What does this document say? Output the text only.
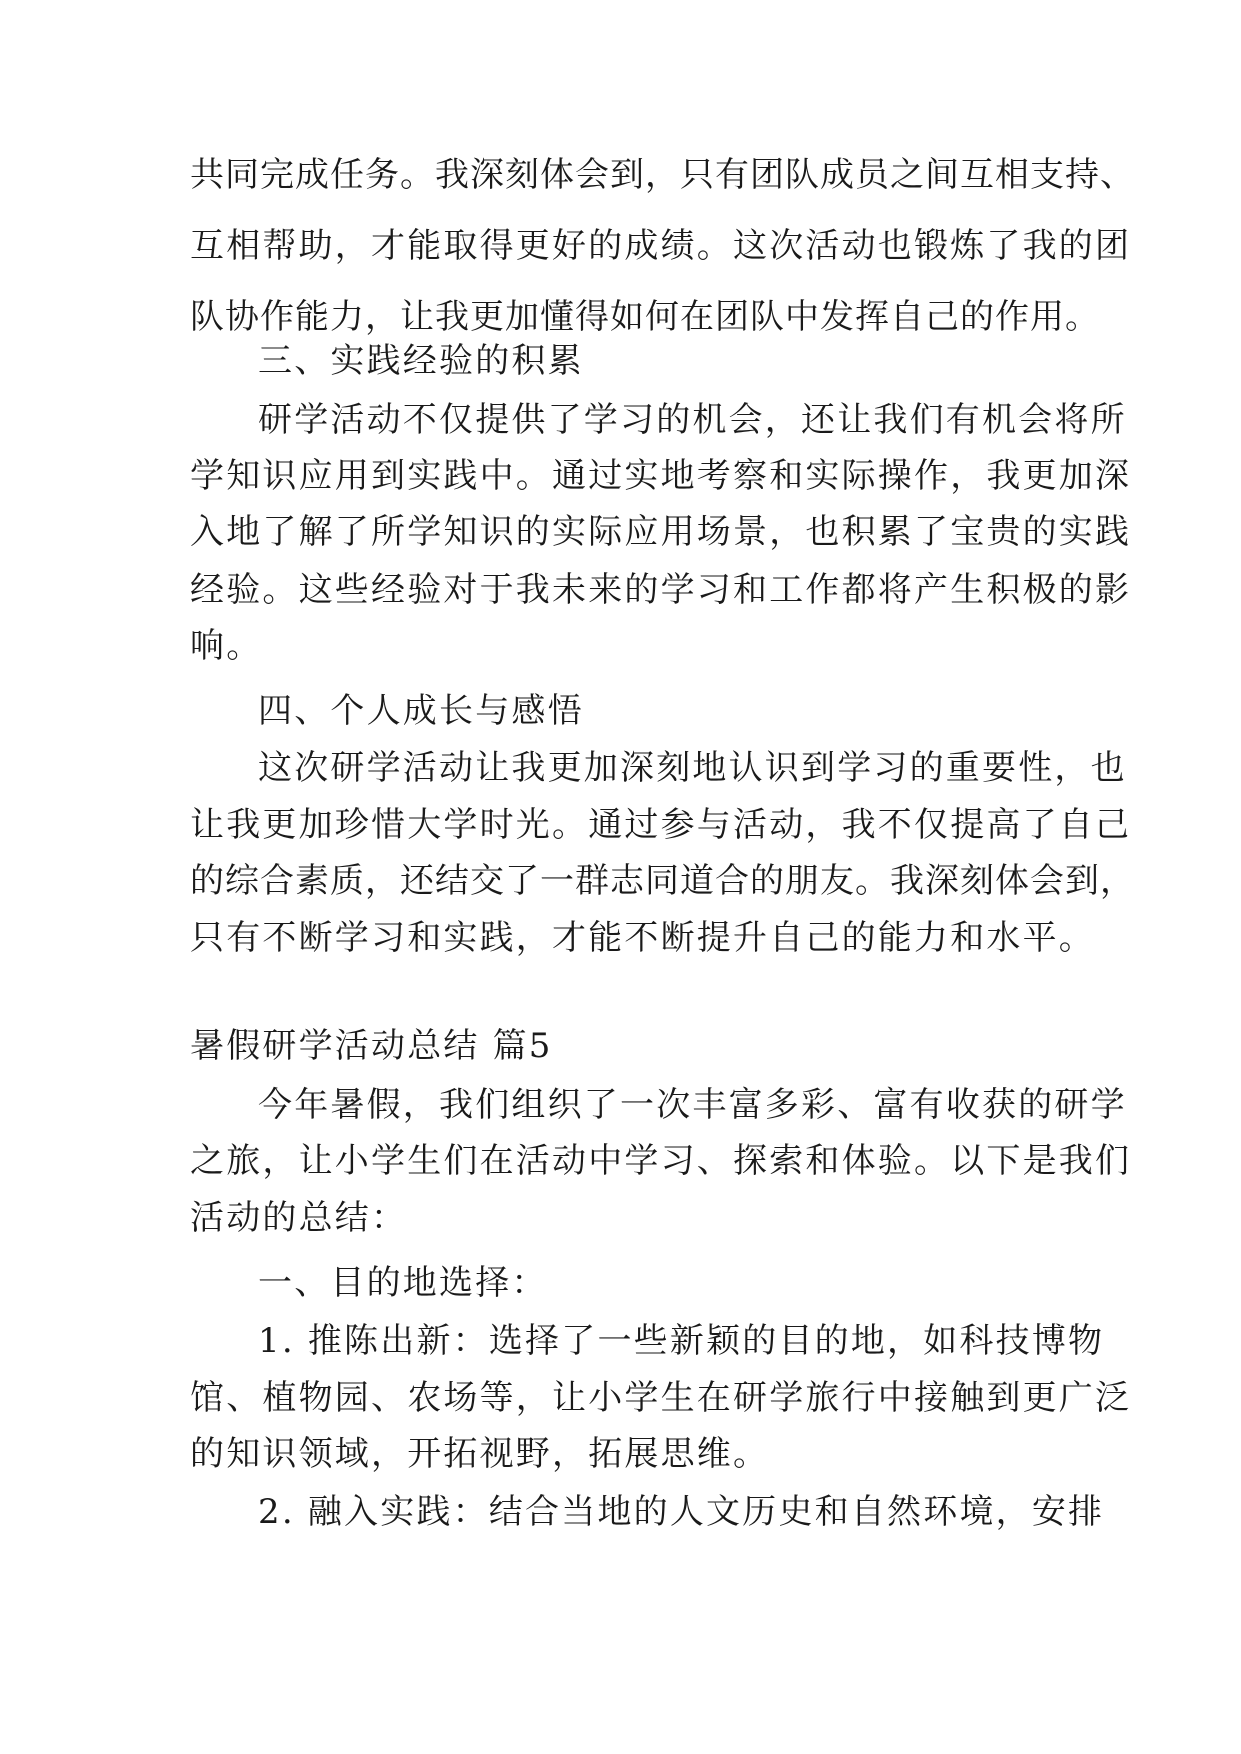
共同完成任务。我深刻体会到，只有团队成员之间互相支持、
互相帮助，才能取得更好的成绩。这次活动也锻炼了我的团
队协作能力，让我更加懂得如何在团队中发挥自己的作用。
三、实践经验的积累
研学活动不仅提供了学习的机会，还让我们有机会将所
学知识应用到实践中。通过实地考察和实际操作，我更加深
入地了解了所学知识的实际应用场景，也积累了宝贵的实践
经验。这些经验对于我未来的学习和工作都将产生积极的影
响。
四、个人成长与感悟
这次研学活动让我更加深刻地认识到学习的重要性，也
让我更加珍惜大学时光。通过参与活动，我不仅提高了自己
的综合素质，还结交了一群志同道合的朋友。我深刻体会到，
只有不断学习和实践，才能不断提升自己的能力和水平。
暑假研学活动总结 篇5
今年暑假，我们组织了一次丰富多彩、富有收获的研学
之旅，让小学生们在活动中学习、探索和体验。以下是我们
活动的总结：
一、目的地选择：
1. 推陈出新：选择了一些新颖的目的地，如科技博物
馆、植物园、农场等，让小学生在研学旅行中接触到更广泛
的知识领域，开拓视野，拓展思维。
2. 融入实践：结合当地的人文历史和自然环境，安排
